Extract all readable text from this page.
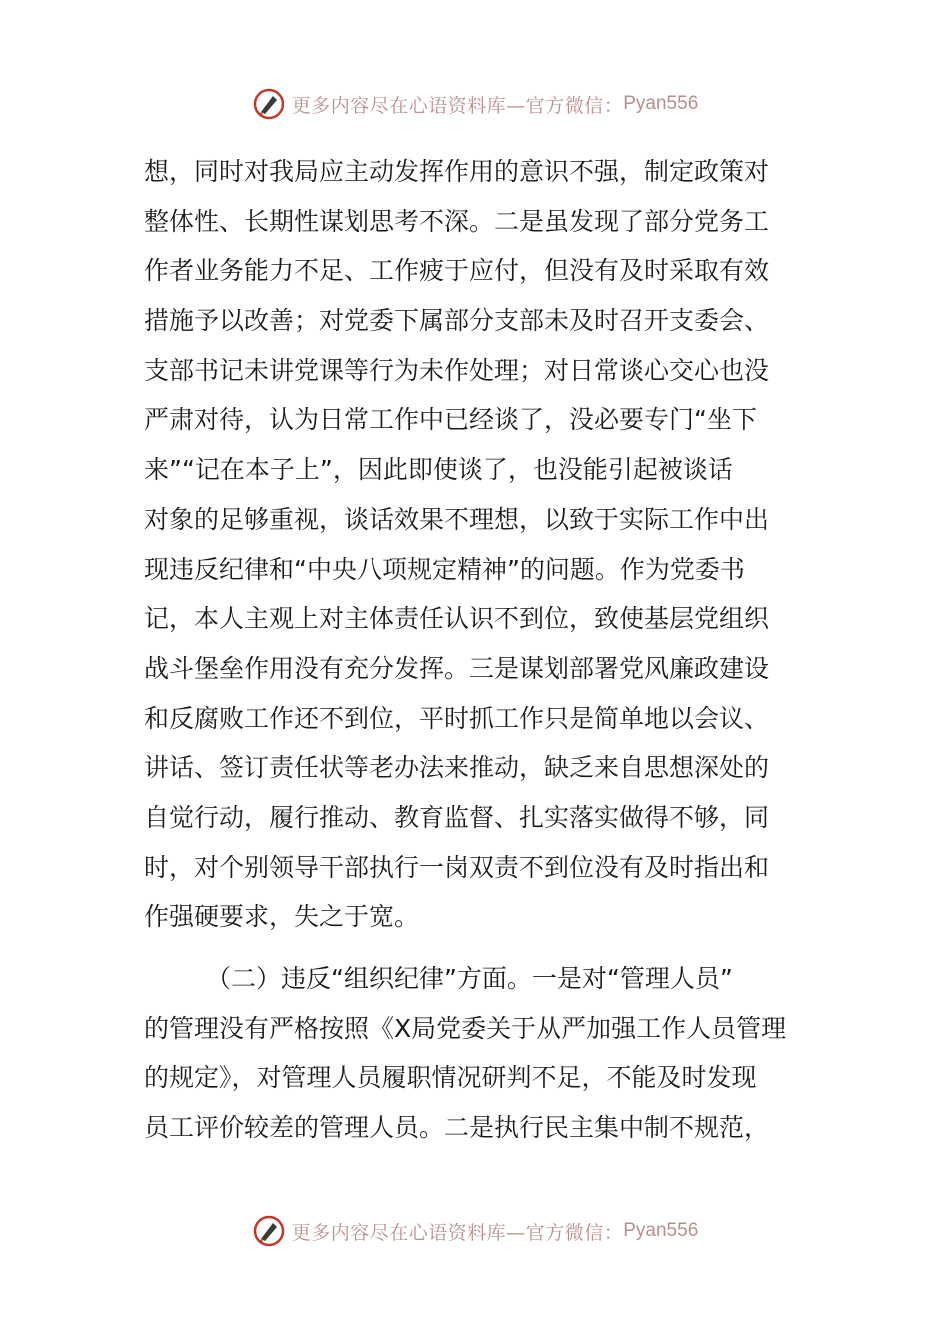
更多内容尽在心语资料库—官方微信： Pyan556
想，同时对我局应主动发挥作用的意识不强，制定政策对
整体性、长期性谋划思考不深。二是虽发现了部分党务工
作者业务能力不足、工作疲于应付，但没有及时采取有效
措施予以改善；对党委下属部分支部未及时召开支委会、
支部书记未讲党课等行为未作处理；对日常谈心交心也没
严肃对待，认为日常工作中已经谈了，没必要专门“坐下
来”“记在本子上”，因此即使谈了，也没能引起被谈话
对象的足够重视，谈话效果不理想，以致于实际工作中出
现违反纪律和“中央八项规定精神”的问题。作为党委书
记，本人主观上对主体责任认识不到位，致使基层党组织
战斗堡垒作用没有充分发挥。三是谋划部署党风廉政建设
和反腐败工作还不到位，平时抓工作只是简单地以会议、
讲话、签订责任状等老办法来推动，缺乏来自思想深处的
自觉行动，履行推动、教育监督、扎实落实做得不够，同
时，对个别领导干部执行一岗双责不到位没有及时指出和
作强硬要求，失之于宽。
（二）违反“组织纪律”方面。一是对“管理人员”
的管理没有严格按照《X局党委关于从严加强工作人员管理
的规定》，对管理人员履职情况研判不足，不能及时发现
员工评价较差的管理人员。二是执行民主集中制不规范，
更多内容尽在心语资料库—官方微信： Pyan556
